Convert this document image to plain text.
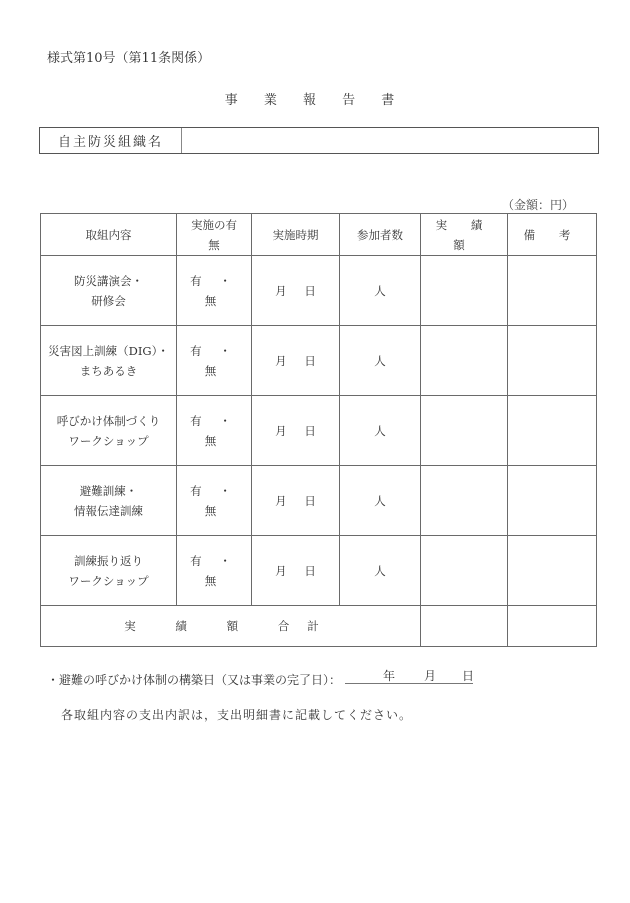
様式第10号（第11条関係）
事 業 報 告 書
自主防災組織名
（金額：円）
取組内容	実施の有
無	実施時期	参加者数	実 績 額	備 考

防災講演会・
研修会	有 ・ 無	月 日	人		

災害図上訓練（DIG）・
まちあるき	有 ・ 無	月 日	人		

呼びかけ体制づくり
ワークショップ	有 ・ 無	月 日	人		

避難訓練・
情報伝達訓練	有 ・ 無	月 日	人		

訓練振り返り
ワークショップ	有 ・ 無	月 日	人		
実 績 額 合計					
・避難の呼びかけ体制の構築日（又は事業の完了日）：	年 月 日
各取組内容の支出内訳は，支出明細書に記載してください。
